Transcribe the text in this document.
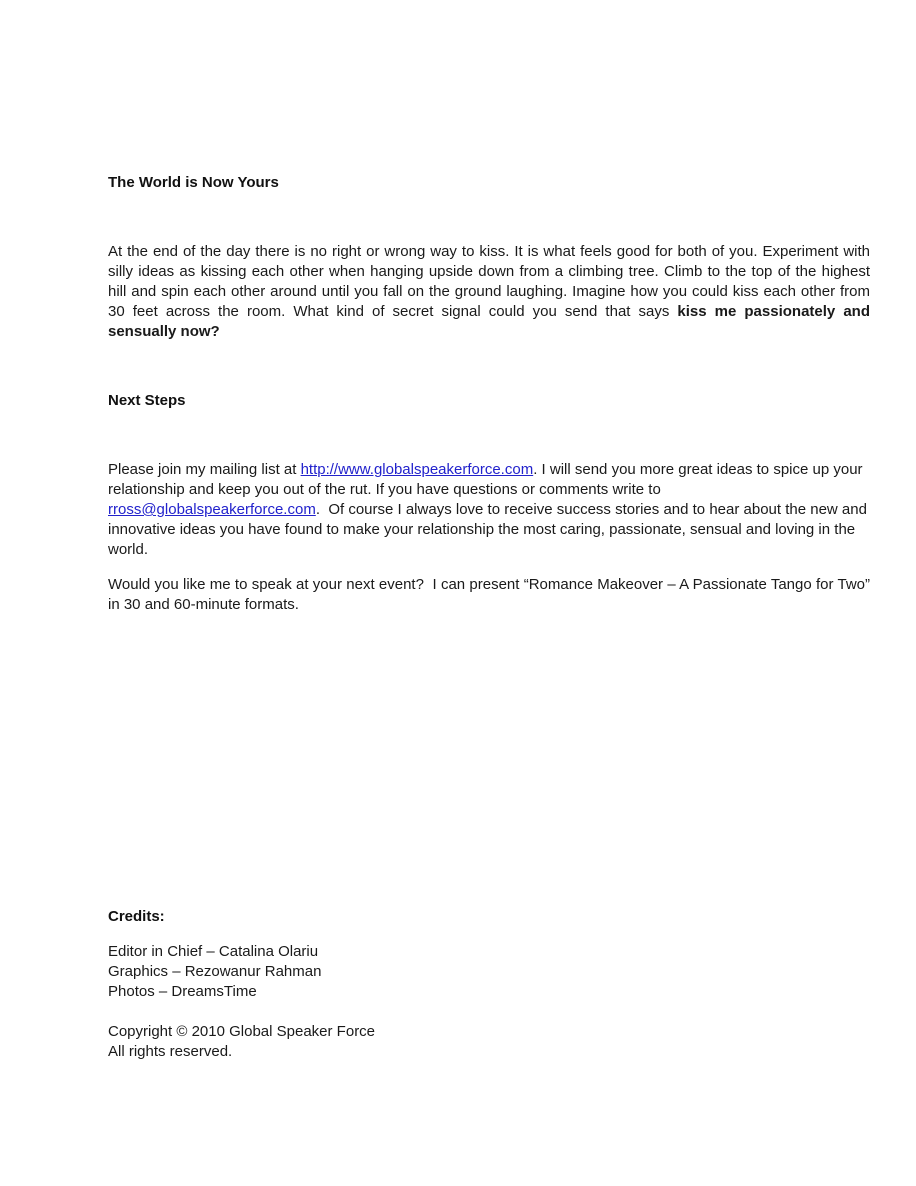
The World is Now Yours

At the end of the day there is no right or wrong way to kiss. It is what feels good for both of you. Experiment with silly ideas as kissing each other when hanging upside down from a climbing tree. Climb to the top of the highest hill and spin each other around until you fall on the ground laughing. Imagine how you could kiss each other from 30 feet across the room. What kind of secret signal could you send that says kiss me passionately and sensually now?

Next Steps

Please join my mailing list at http://www.globalspeakerforce.com. I will send you more great ideas to spice up your relationship and keep you out of the rut. If you have questions or comments write to rross@globalspeakerforce.com.  Of course I always love to receive success stories and to hear about the new and innovative ideas you have found to make your relationship the most caring, passionate, sensual and loving in the world.

Would you like me to speak at your next event?  I can present “Romance Makeover – A Passionate Tango for Two” in 30 and 60-minute formats.

Credits:
Editor in Chief – Catalina Olariu
Graphics – Rezowanur Rahman
Photos – DreamsTime
Copyright © 2010 Global Speaker Force
All rights reserved.
